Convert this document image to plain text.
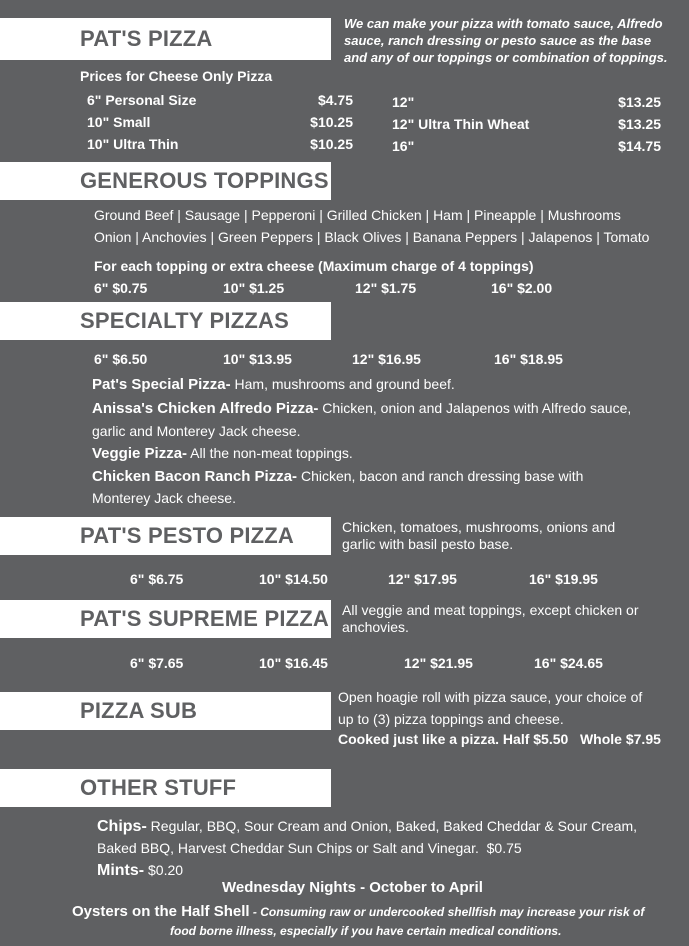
PAT'S PIZZA
We can make your pizza with tomato sauce, Alfredo sauce, ranch dressing or pesto sauce as the base and any of our toppings or combination of toppings.
Prices for Cheese Only Pizza
6" Personal Size	$4.75
10" Small	$10.25
10" Ultra Thin	$10.25
12"	$13.25
12" Ultra Thin Wheat	$13.25
16"	$14.75
GENEROUS TOPPINGS
Ground Beef | Sausage | Pepperoni | Grilled Chicken | Ham | Pineapple | Mushrooms
Onion | Anchovies | Green Peppers | Black Olives | Banana Peppers | Jalapenos | Tomato
For each topping or extra cheese (Maximum charge of 4 toppings)
6" $0.75	10" $1.25	12" $1.75	16" $2.00
SPECIALTY PIZZAS
6" $6.50	10" $13.95	12" $16.95	16" $18.95
Pat's Special Pizza- Ham, mushrooms and ground beef.
Anissa's Chicken Alfredo Pizza- Chicken, onion and Jalapenos with Alfredo sauce,
garlic and Monterey Jack cheese.
Veggie Pizza- All the non-meat toppings.
Chicken Bacon Ranch Pizza- Chicken, bacon and ranch dressing base with
Monterey Jack cheese.
PAT'S PESTO PIZZA	Chicken, tomatoes, mushrooms, onions and garlic with basil pesto base.
6" $6.75	10" $14.50	12" $17.95	16" $19.95
PAT'S SUPREME PIZZA All veggie and meat toppings, except chicken or anchovies.
6" $7.65	10" $16.45	12" $21.95	16" $24.65
PIZZA SUB
Open hoagie roll with pizza sauce, your choice of
up to (3) pizza toppings and cheese.
Cooked just like a pizza. Half $5.50   Whole $7.95
OTHER STUFF
Chips- Regular, BBQ, Sour Cream and Onion, Baked, Baked Cheddar & Sour Cream,
Baked BBQ, Harvest Cheddar Sun Chips or Salt and Vinegar.  $0.75
Mints- $0.20
Wednesday Nights - October to April
Oysters on the Half Shell - Consuming raw or undercooked shellfish may increase your risk of
food borne illness, especially if you have certain medical conditions.
